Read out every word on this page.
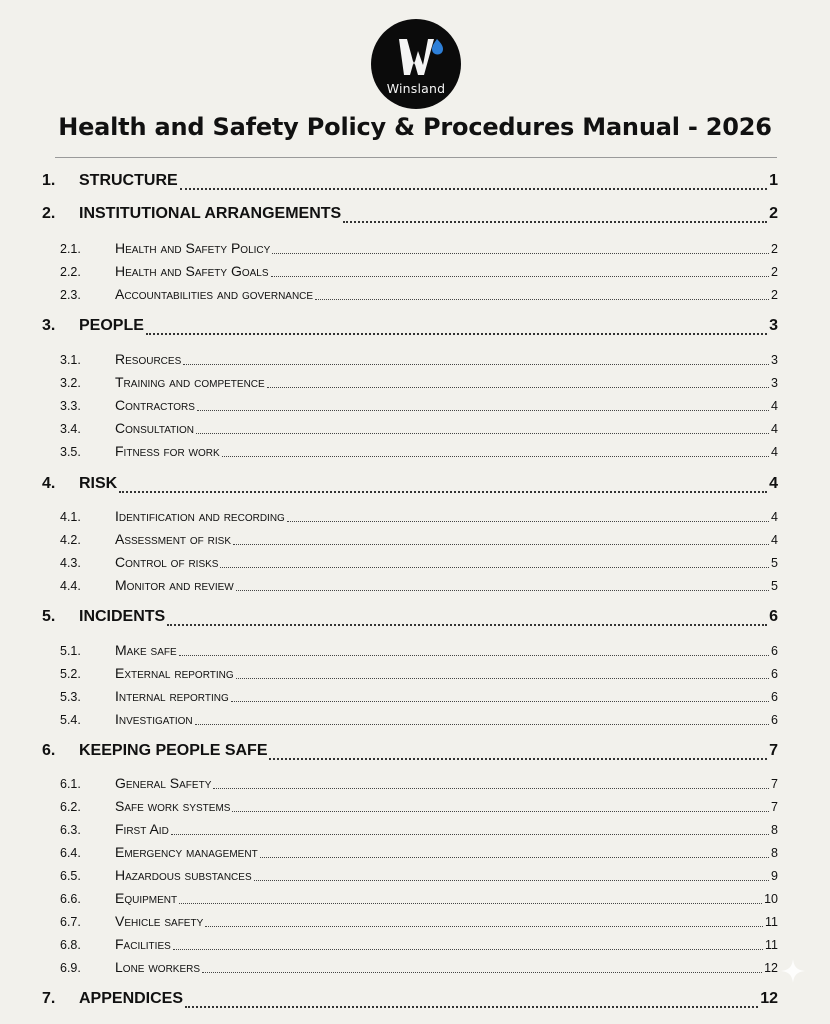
Winsland
Health and Safety Policy & Procedures Manual - 2026
1.	STRUCTURE	1
2.	INSTITUTIONAL ARRANGEMENTS	2
2.1.	Health and Safety Policy	2
2.2.	Health and Safety Goals	2
2.3.	Accountabilities and governance	2
3.	PEOPLE	3
3.1.	Resources	3
3.2.	Training and competence	3
3.3.	Contractors	4
3.4.	Consultation	4
3.5.	Fitness for work	4
4.	RISK	4
4.1.	Identification and recording	4
4.2.	Assessment of risk	4
4.3.	Control of risks	5
4.4.	Monitor and review	5
5.	INCIDENTS	6
5.1.	Make safe	6
5.2.	External reporting	6
5.3.	Internal reporting	6
5.4.	Investigation	6
6.	KEEPING PEOPLE SAFE	7
6.1.	General Safety	7
6.2.	Safe work systems	7
6.3.	First Aid	8
6.4.	Emergency management	8
6.5.	Hazardous substances	9
6.6.	Equipment	10
6.7.	Vehicle safety	11
6.8.	Facilities	11
6.9.	Lone workers	12
7.	APPENDICES	12
